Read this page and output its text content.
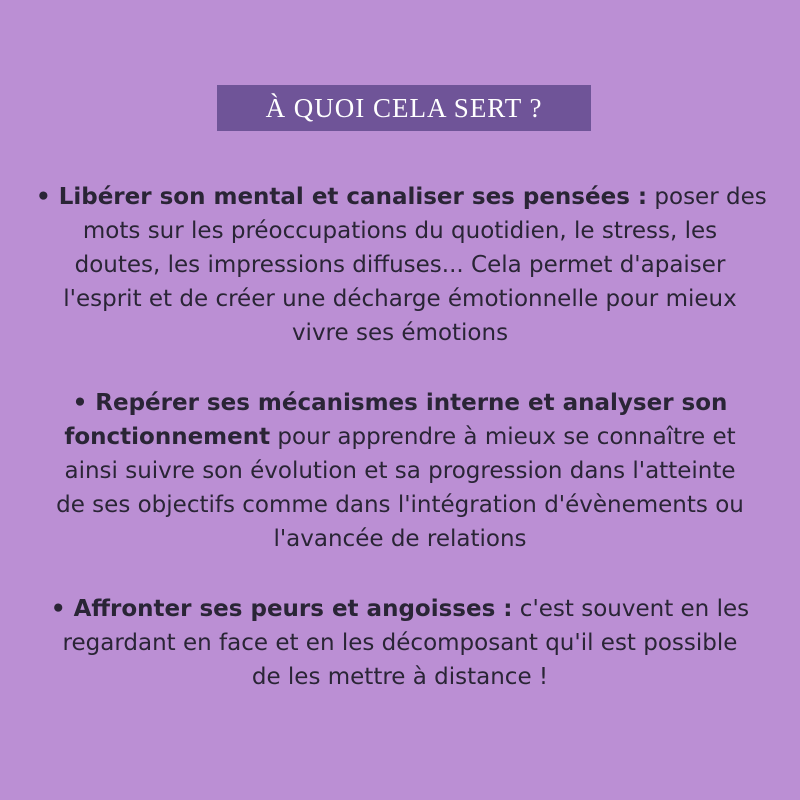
À QUOI CELA SERT ?
• Libérer son mental et canaliser ses pensées : poser des
mots sur les préoccupations du quotidien, le stress, les
doutes, les impressions diffuses... Cela permet d'apaiser
l'esprit et de créer une décharge émotionnelle pour mieux
vivre ses émotions
• Repérer ses mécanismes interne et analyser son
fonctionnement pour apprendre à mieux se connaître et
ainsi suivre son évolution et sa progression dans l'atteinte
de ses objectifs comme dans l'intégration d'évènements ou
l'avancée de relations
• Affronter ses peurs et angoisses : c'est souvent en les
regardant en face et en les décomposant qu'il est possible
de les mettre à distance !
